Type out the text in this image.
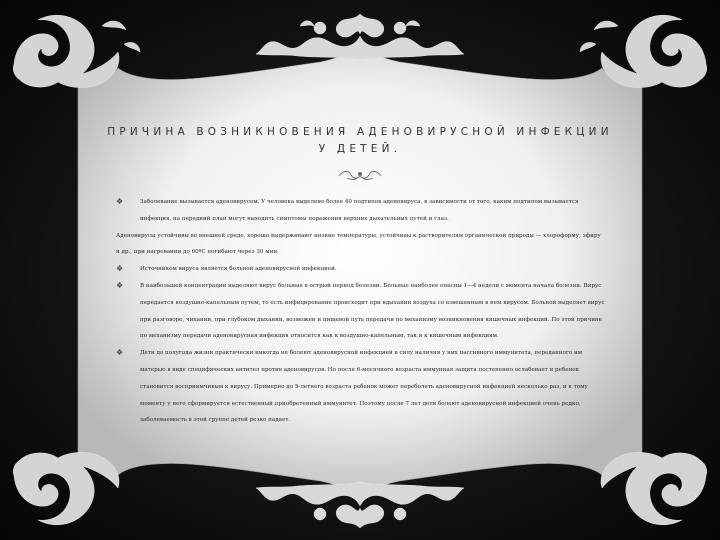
ПРИЧИНА ВОЗНИКНОВЕНИЯ АДЕНОВИРУСНОЙ ИНФЕКЦИИ У ДЕТЕЙ.

❖	Заболевание вызывается аденовирусом. У человека выделено более 40 подтипов аденовируса, в зависимости от того, каким подтипом вызывается инфекция, на передний план могут выходить симптомы поражения верхних дыхательных путей и глаз.

Аденовирусы устойчивы во внешней среде, хорошо выдерживают низкие температуры, устойчивы к растворителям органической природы — хлороформу, эфиру и др., при нагревании до 60ºС погибают через 30 мин.

❖	Источником вируса является больной аденовирусной инфекцией.

❖	В наибольшей концентрации выделяют вирус больные в острый период болезни. Больные наиболее опасны 1—4 недели с момента начала болезни. Вирус передается воздушно-капельным путем, то есть инфицирование происходит при вдыхании воздуха со взвешенным в нем вирусом. Больной выделяет вирус при разговоре, чихании, при глубоком дыхании, возможен и пищевой путь передачи по механизму возникновения кишечных инфекций. По этой причине по механизму передачи аденовирусная инфекция относится как к воздушно-капельным, так и к кишечным инфекциям.

❖	Дети до полугода жизни практически никогда не болеют аденовирусной инфекцией в силу наличия у них пассивного иммунитета, переданного им матерью в виде специфических антител против аденовирусов. Но после 6-месячного возраста иммунная защита постепенно ослабевает и ребенок становится восприимчивым к вирусу. Примерно до 5-летнего возраста ребенок может переболеть аденовирусной инфекцией несколько раз, и к тому моменту у него сформируется естественный приобретенный иммунитет. Поэтому после 7 лет дети болеют аденовирусной инфекцией очень редко, заболеваемость в этой группе детей резко падает.
